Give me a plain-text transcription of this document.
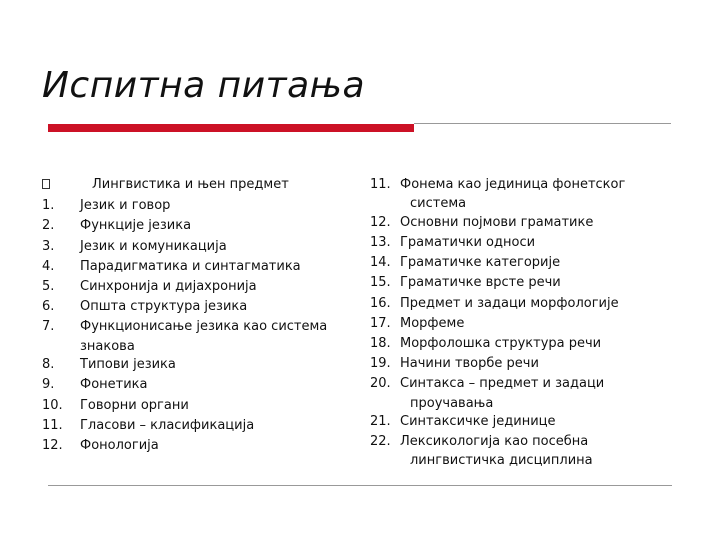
Испитна питања
Лингвистика и њен предмет
1.	Језик и говор
2.	Функције језика
3.	Језик и комуникација
4.	Парадигматика и синтагматика
5.	Синхронија и дијахронија
6.	Општа структура језика
7.	Функционисање језика као система
знакова
8.	Типови језика
9.	Фонетика
10.	Говорни органи
11.	Гласови – класификација
12.	Фонологија
11. Фонема као јединица фонетског
система
12. Основни појмови граматике
13. Граматички односи
14. Граматичке категорије
15. Граматичке врсте речи
16. Предмет и задаци морфологије
17. Морфеме
18. Морфолошка структура речи
19. Начини творбе речи
20. Синтакса – предмет и задаци
проучавања
21. Синтаксичке јединице
22. Лексикологија као посебна
лингвистичка дисциплина
